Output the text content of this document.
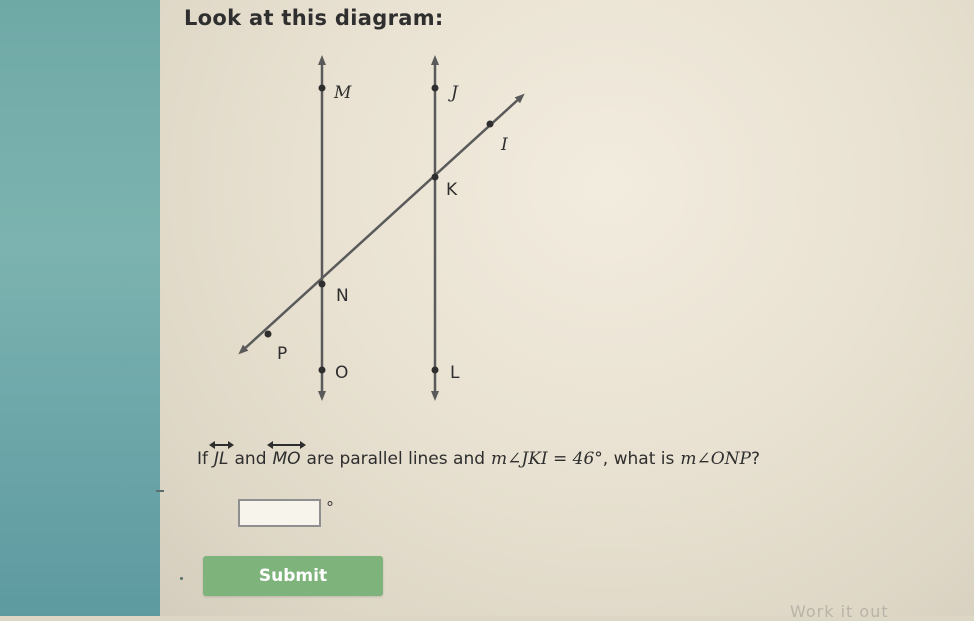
Look at this diagram:
M	J
I
K
N
P
O	L
If JL and MO are parallel lines and m∠JKI = 46° , what is m∠ONP ?
°
Submit
Work it out
